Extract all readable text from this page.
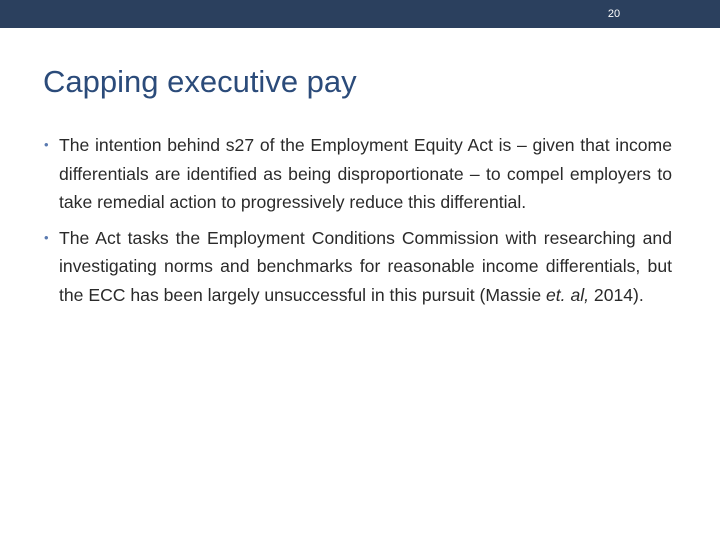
20
Capping executive pay
• The intention behind s27 of the Employment Equity Act is – given that income differentials are identified as being disproportionate – to compel employers to take remedial action to progressively reduce this differential.
• The Act tasks the Employment Conditions Commission with researching and investigating norms and benchmarks for reasonable income differentials, but the ECC has been largely unsuccessful in this pursuit (Massie et. al, 2014).
